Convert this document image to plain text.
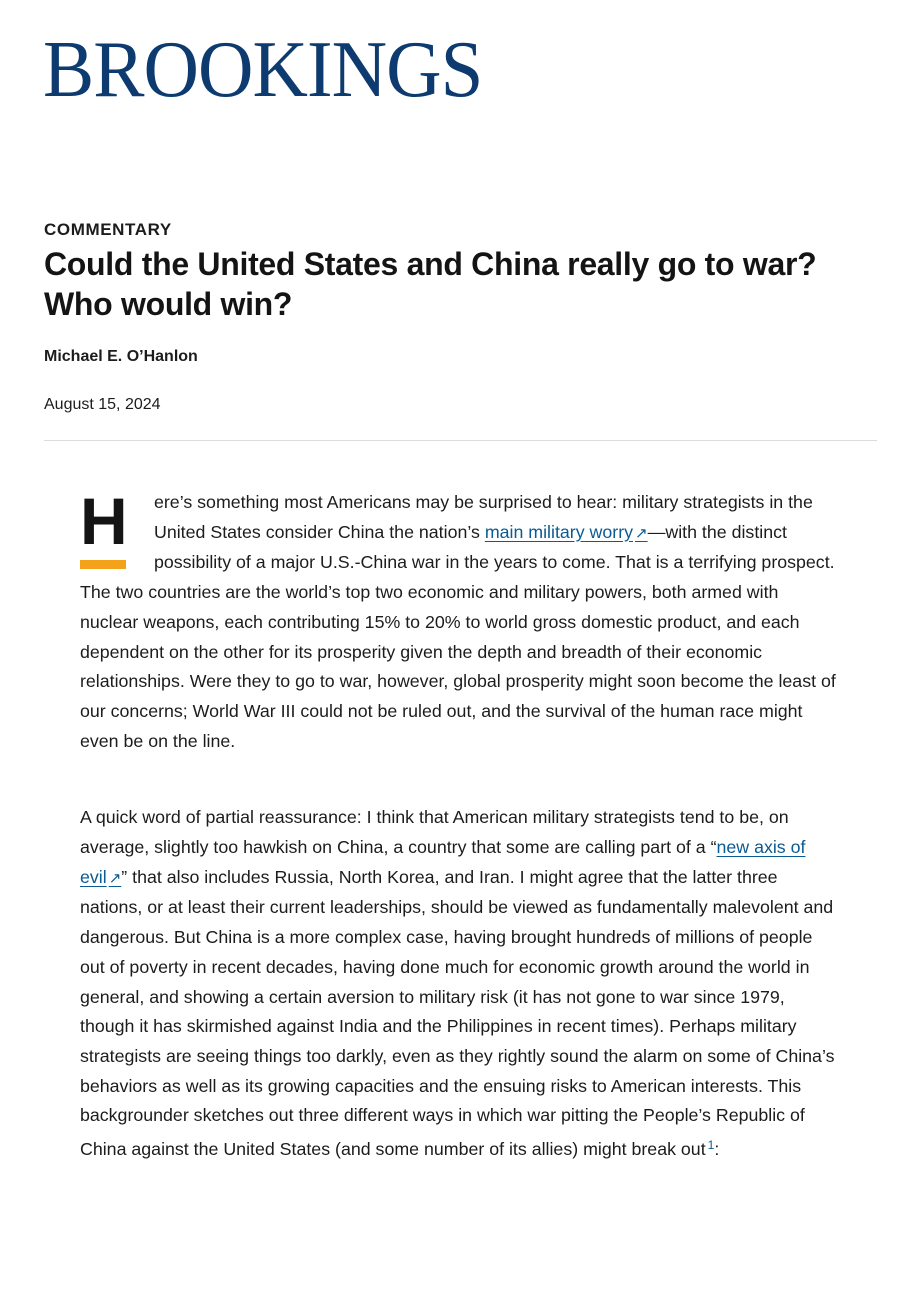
BROOKINGS
COMMENTARY
Could the United States and China really go to war? Who would win?
Michael E. O’Hanlon
August 15, 2024

H ere’s something most Americans may be surprised to hear: military strategists in the United States consider China the nation’s main military worry ↗—with the distinct possibility of a major U.S.-China war in the years to come. That is a terrifying prospect. The two countries are the world’s top two economic and military powers, both armed with nuclear weapons, each contributing 15% to 20% to world gross domestic product, and each dependent on the other for its prosperity given the depth and breadth of their economic relationships. Were they to go to war, however, global prosperity might soon become the least of our concerns; World War III could not be ruled out, and the survival of the human race might even be on the line.

A quick word of partial reassurance: I think that American military strategists tend to be, on average, slightly too hawkish on China, a country that some are calling part of a “new axis of evil ↗” that also includes Russia, North Korea, and Iran. I might agree that the latter three nations, or at least their current leaderships, should be viewed as fundamentally malevolent and dangerous. But China is a more complex case, having brought hundreds of millions of people out of poverty in recent decades, having done much for economic growth around the world in general, and showing a certain aversion to military risk (it has not gone to war since 1979, though it has skirmished against India and the Philippines in recent times). Perhaps military strategists are seeing things too darkly, even as they rightly sound the alarm on some of China’s behaviors as well as its growing capacities and the ensuing risks to American interests. This backgrounder sketches out three different ways in which war pitting the People’s Republic of China against the United States (and some number of its allies) might break out $^1$:
